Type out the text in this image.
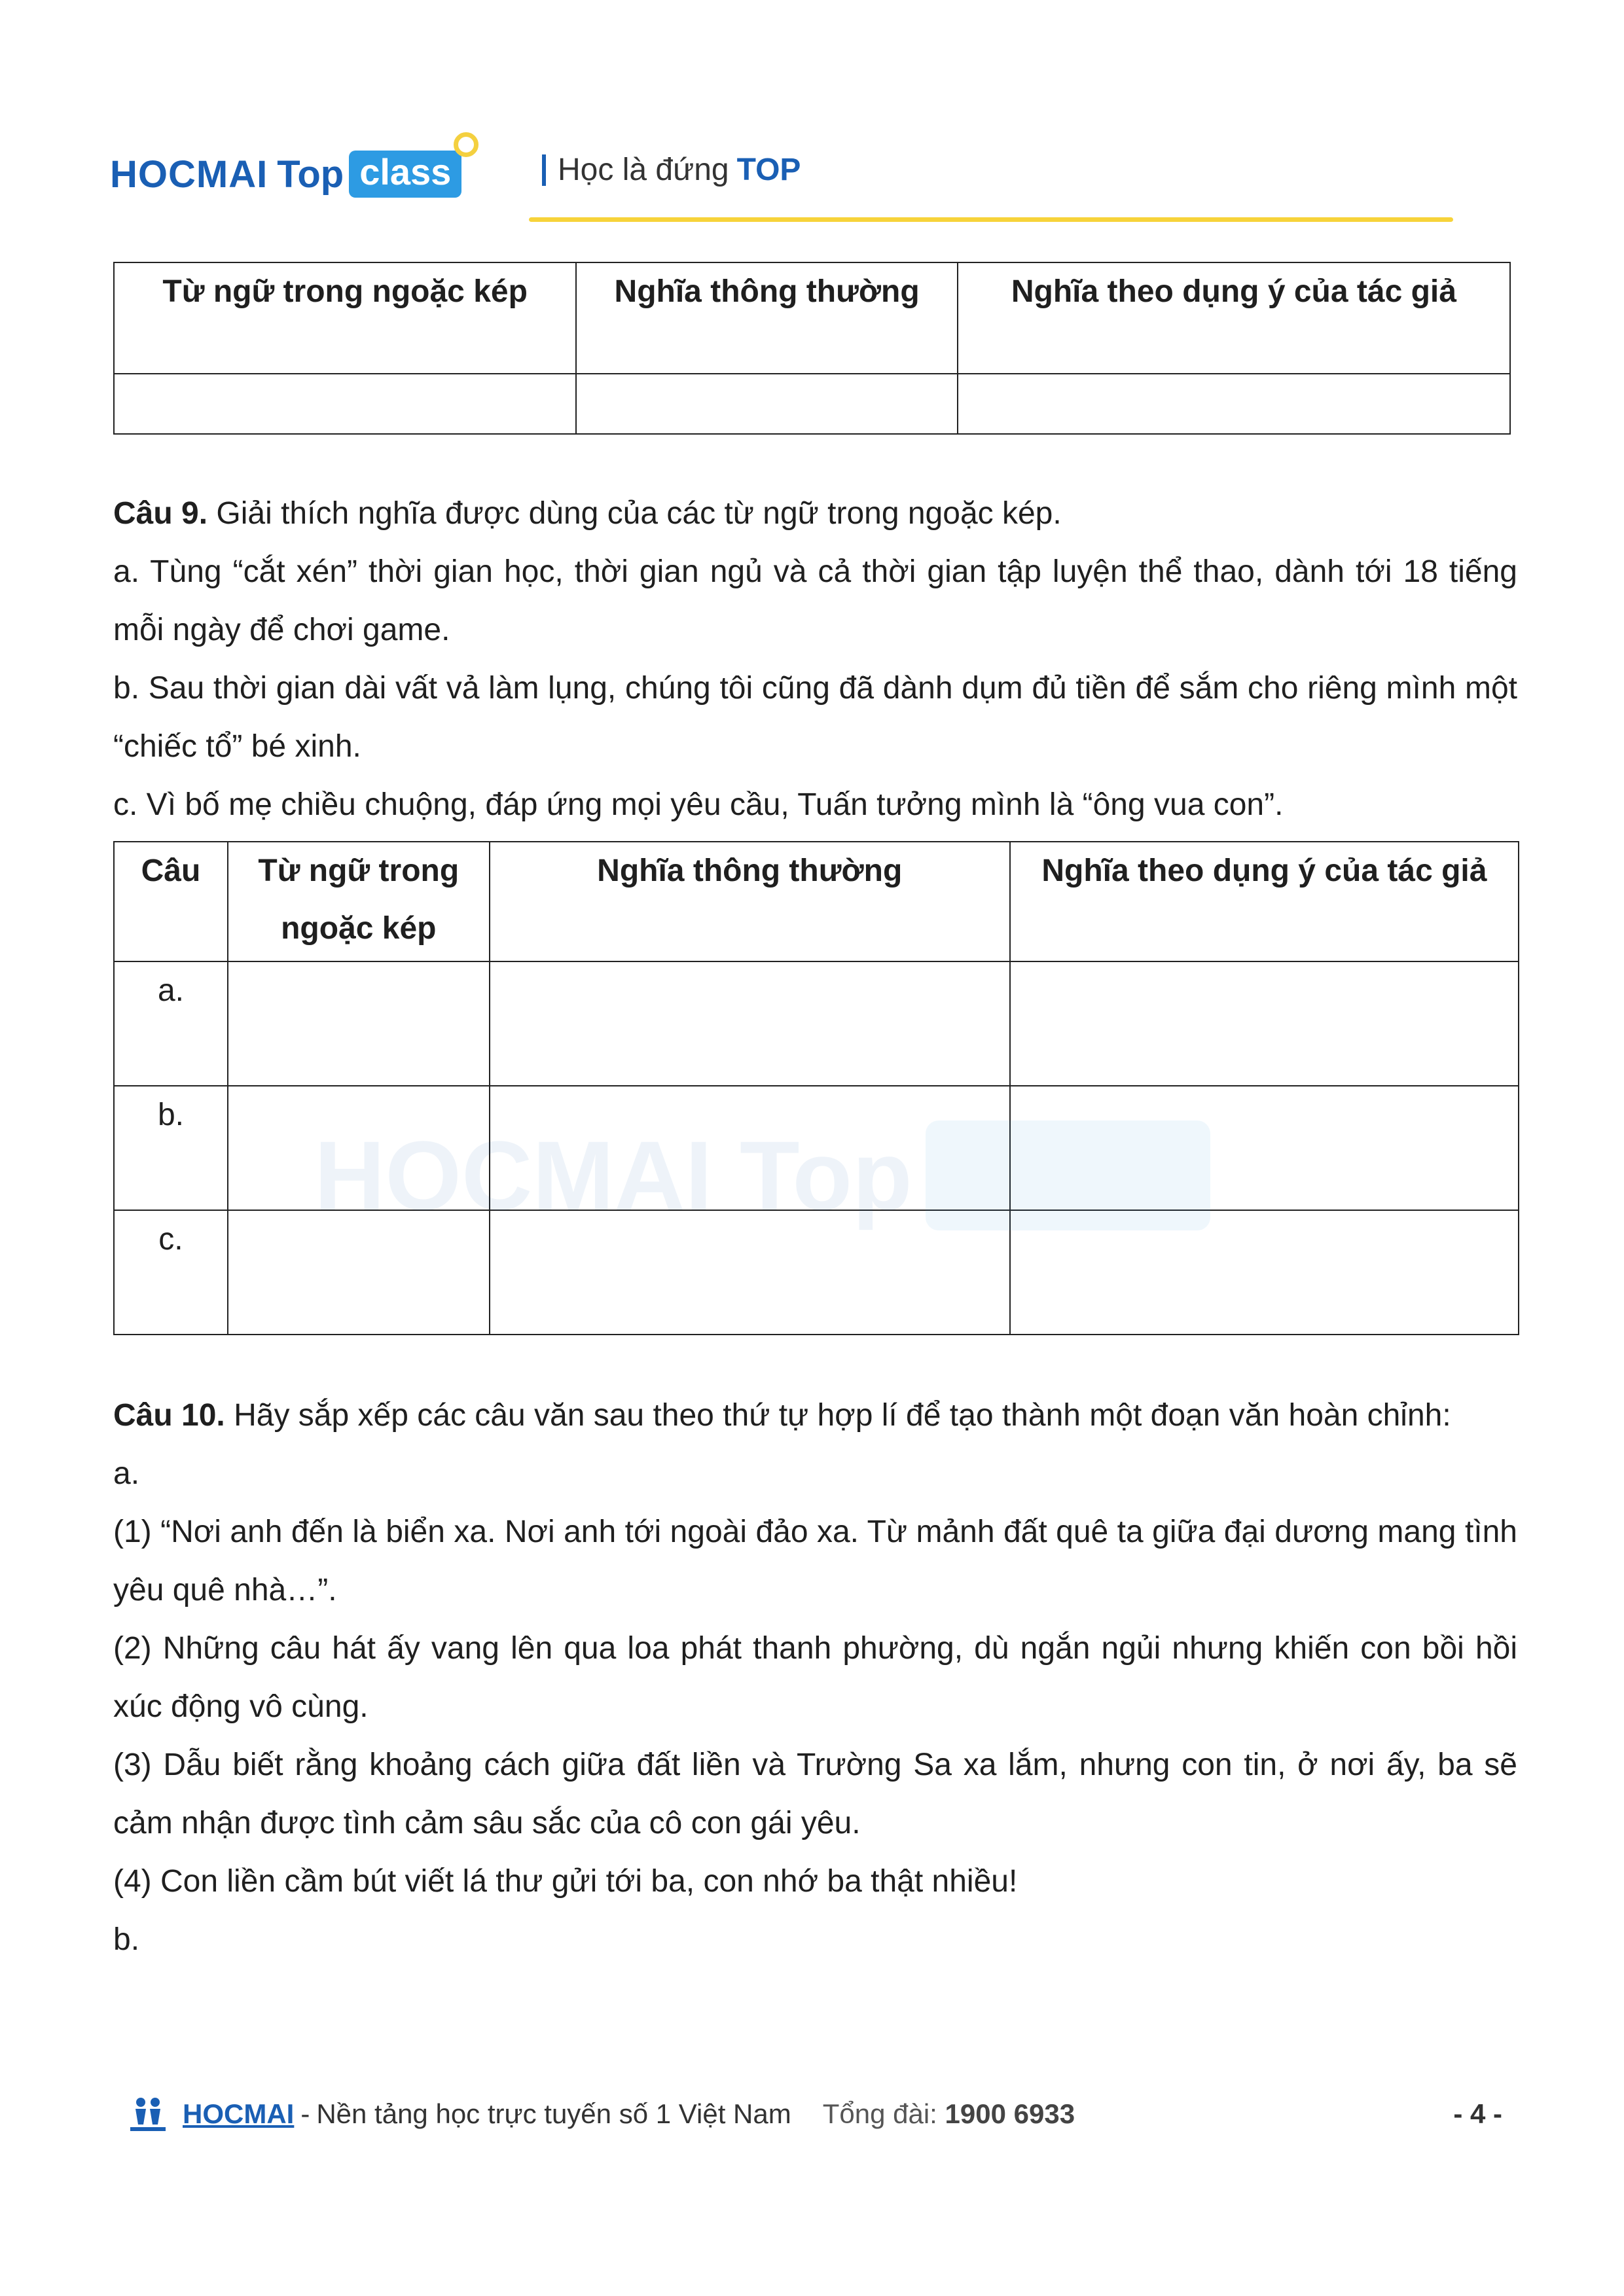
HOCMAI Top class	Học là đứng TOP
Từ ngữ trong ngoặc kép	Nghĩa thông thường	Nghĩa theo dụng ý của tác giả

Câu 9. Giải thích nghĩa được dùng của các từ ngữ trong ngoặc kép.
a. Tùng “cắt xén” thời gian học, thời gian ngủ và cả thời gian tập luyện thể thao, dành tới 18 tiếng mỗi ngày để chơi game.
b. Sau thời gian dài vất vả làm lụng, chúng tôi cũng đã dành dụm đủ tiền để sắm cho riêng mình một “chiếc tổ” bé xinh.
c. Vì bố mẹ chiều chuộng, đáp ứng mọi yêu cầu, Tuấn tưởng mình là “ông vua con”.
Câu	Từ ngữ trong ngoặc kép	Nghĩa thông thường	Nghĩa theo dụng ý của tác giả
a.			
b.			
c.			
HOCMAI Top class
Câu 10. Hãy sắp xếp các câu văn sau theo thứ tự hợp lí để tạo thành một đoạn văn hoàn chỉnh:
a.
(1) “Nơi anh đến là biển xa. Nơi anh tới ngoài đảo xa. Từ mảnh đất quê ta giữa đại dương mang tình yêu quê nhà…”.
(2) Những câu hát ấy vang lên qua loa phát thanh phường, dù ngắn ngủi nhưng khiến con bồi hồi xúc động vô cùng.
(3) Dẫu biết rằng khoảng cách giữa đất liền và Trường Sa xa lắm, nhưng con tin, ở nơi ấy, ba sẽ cảm nhận được tình cảm sâu sắc của cô con gái yêu.
(4) Con liền cầm bút viết lá thư gửi tới ba, con nhớ ba thật nhiều!
b.
HOCMAI - Nền tảng học trực tuyến số 1 Việt Nam Tổng đài: 1900 6933	- 4 -
